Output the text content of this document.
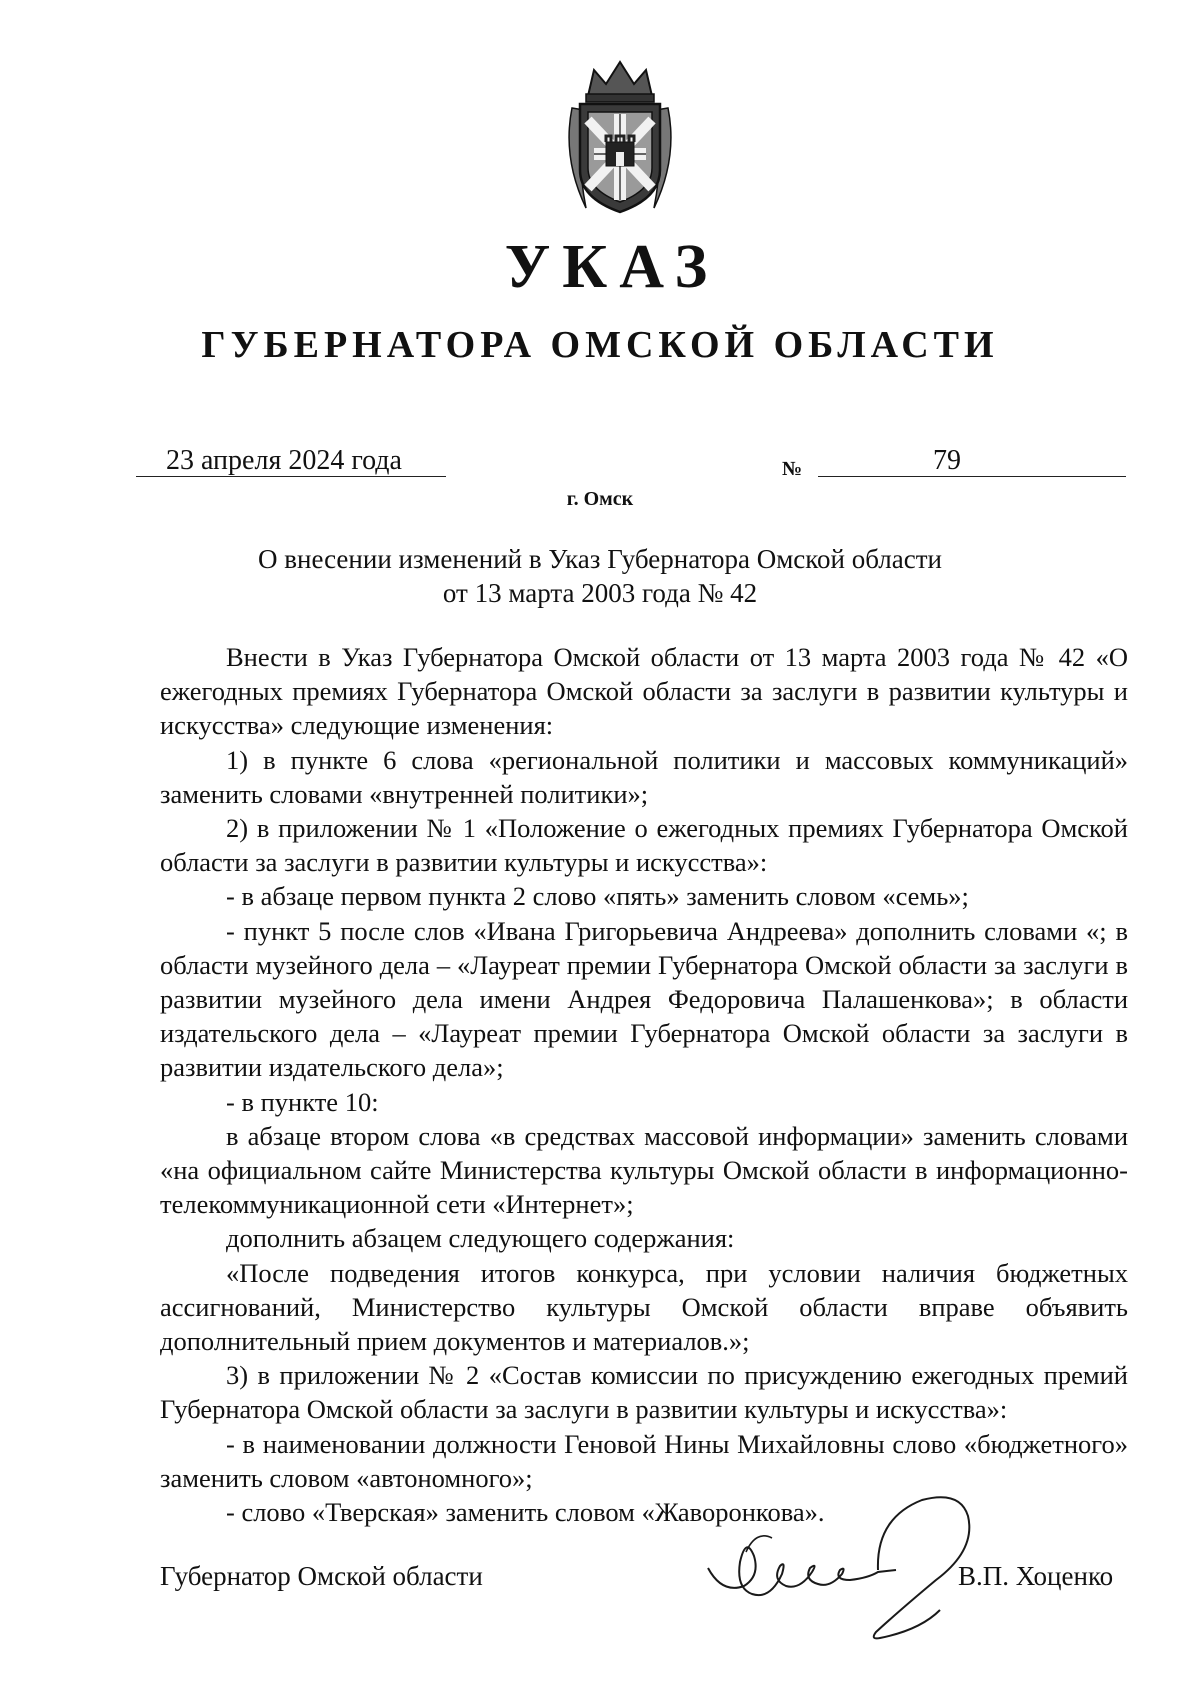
УКАЗ
ГУБЕРНАТОРА ОМСКОЙ ОБЛАСТИ
23 апреля 2024 года	№	79
г. Омск
О внесении изменений в Указ Губернатора Омской области
от 13 марта 2003 года № 42

Внести в Указ Губернатора Омской области от 13 марта 2003 года № 42 «О ежегодных премиях Губернатора Омской области за заслуги в развитии культуры и искусства» следующие изменения:

1) в пункте 6 слова «региональной политики и массовых коммуникаций» заменить словами «внутренней политики»;

2) в приложении № 1 «Положение о ежегодных премиях Губернатора Омской области за заслуги в развитии культуры и искусства»:

- в абзаце первом пункта 2 слово «пять» заменить словом «семь»;

- пункт 5 после слов «Ивана Григорьевича Андреева» дополнить словами «; в области музейного дела – «Лауреат премии Губернатора Омской области за заслуги в развитии музейного дела имени Андрея Федоровича Палашенкова»; в области издательского дела – «Лауреат премии Губернатора Омской области за заслуги в развитии издательского дела»;

- в пункте 10:

в абзаце втором слова «в средствах массовой информации» заменить словами «на официальном сайте Министерства культуры Омской области в информационно-телекоммуникационной сети «Интернет»;

дополнить абзацем следующего содержания:

«После подведения итогов конкурса, при условии наличия бюджетных ассигнований, Министерство культуры Омской области вправе объявить дополнительный прием документов и материалов.»;

3) в приложении № 2 «Состав комиссии по присуждению ежегодных премий Губернатора Омской области за заслуги в развитии культуры и искусства»:

- в наименовании должности Геновой Нины Михайловны слово «бюджетного» заменить словом «автономного»;

- слово «Тверская» заменить словом «Жаворонкова».

Губернатор Омской области	В.П. Хоценко
